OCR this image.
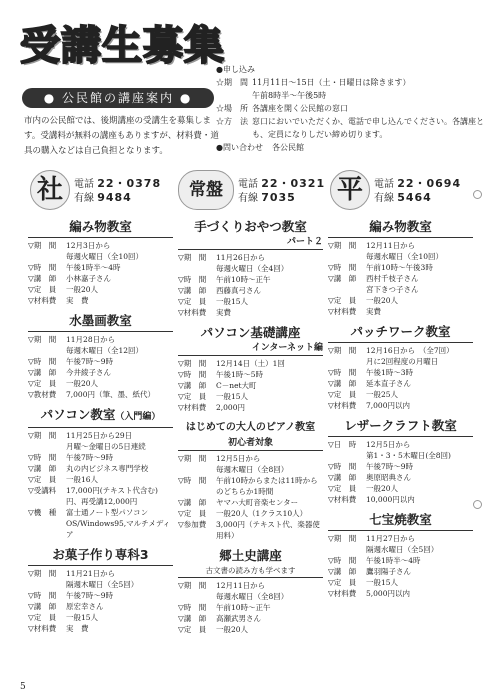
受講生募集
● 公民館の講座案内 ●
市内の公民館では、後期講座の受講生を募集します。受講料が無料の講座もありますが、材料費・道具の購入などは自己負担となります。
●申し込み
☆期　間 11月11日～15日（土・日曜日は除きます）
午前8時半～午後5時
☆場　所 各講座を開く公民館の窓口
☆方　法 窓口においでいただくか、電話で申し込んでください。各講座とも、定員になりしだい締め切ります。
●問い合わせ	各公民館
社	電話 22・0378
有線 9484
編み物教室
▽期　間	12月3日から
毎週火曜日（全10回）
▽時　間	午後1時半～4時
▽講　師	小林嘉子さん
▽定　員	一般20人
▽材料費	実　費
水墨画教室
▽期　間	11月28日から
毎週木曜日（全12回）
▽時　間	午後7時～9時
▽講　師	今井綾子さん
▽定　員	一般20人
▽教材費	7,000円（筆、墨、紙代）
パソコン教室（入門編）
▽期　間	11月25日から29日
月曜～金曜日の5日連続
▽時　間	午後7時～9時
▽講　師	丸の内ビジネス専門学校
▽定　員	一般16人
▽受講料	17,000円(テキスト代含む)
円、再受講12,000円
▽機　種	富士通ノート型パソコン OS/Windows95,マルチメディア
お菓子作り専科3
▽期　間	11月21日から
隔週木曜日（全5回）
▽時　間	午後7時～9時
▽講　師	原宏幸さん
▽定　員	一般15人
▽材料費	実　費
常盤	電話 22・0321
有線 7035
手づくりおやつ教室
パート２
▽期　間	11月26日から
毎週火曜日（全4回）
▽時　間	午前10時～正午
▽講　師	西藤真弓さん
▽定　員	一般15人
▽材料費	実費
パソコン基礎講座
インターネット編
▽期　間	12月14日（土）1回
▽時　間	午後1時～5時
▽講　師	C－net大町
▽定　員	一般15人
▽材料費	2,000円
はじめての大人のピアノ教室
初心者対象
▽期　間	12月5日から
毎週木曜日（全8回）
▽時　間	午前10時からまたは11時からのどちらか1時間
▽講　師	ヤマハ大町音楽センター
▽定　員	一般20人（1クラス10人）
▽参加費	3,000円（テキスト代、楽器使用料）
郷土史講座
古文書の読み方も学べます
▽期　間	12月11日から
毎週水曜日（全8回）
▽時　間	午前10時～正午
▽講　師	高瀬武男さん
▽定　員	一般20人
平	電話 22・0694
有線 5464
編み物教室
▽期　間	12月11日から
毎週水曜日（全10回）
▽時　間	午前10時～午後3時
▽講　師	西村千枝子さん
宮下きつ子さん
▽定　員	一般20人
▽材料費	実費
パッチワーク教室
▽期　間	12月16日から　（全7回）
月に2回程度の月曜日
▽時　間	午後1時～3時
▽講　師	延本直子さん
▽定　員	一般25人
▽材料費	7,000円以内
レザークラフト教室
▽日　時	12月5日から
第1・3・5木曜日(全8回)
▽時　間	午後7時～9時
▽講　師	奥原昭典さん
▽定　員	一般20人
▽材料費	10,000円以内
七宝焼教室
▽期　間	11月27日から
隔週水曜日（全5回）
▽時　間	午後1時半～4時
▽講　師	鷹羽陽子さん
▽定　員	一般15人
▽材料費	5,000円以内
5
